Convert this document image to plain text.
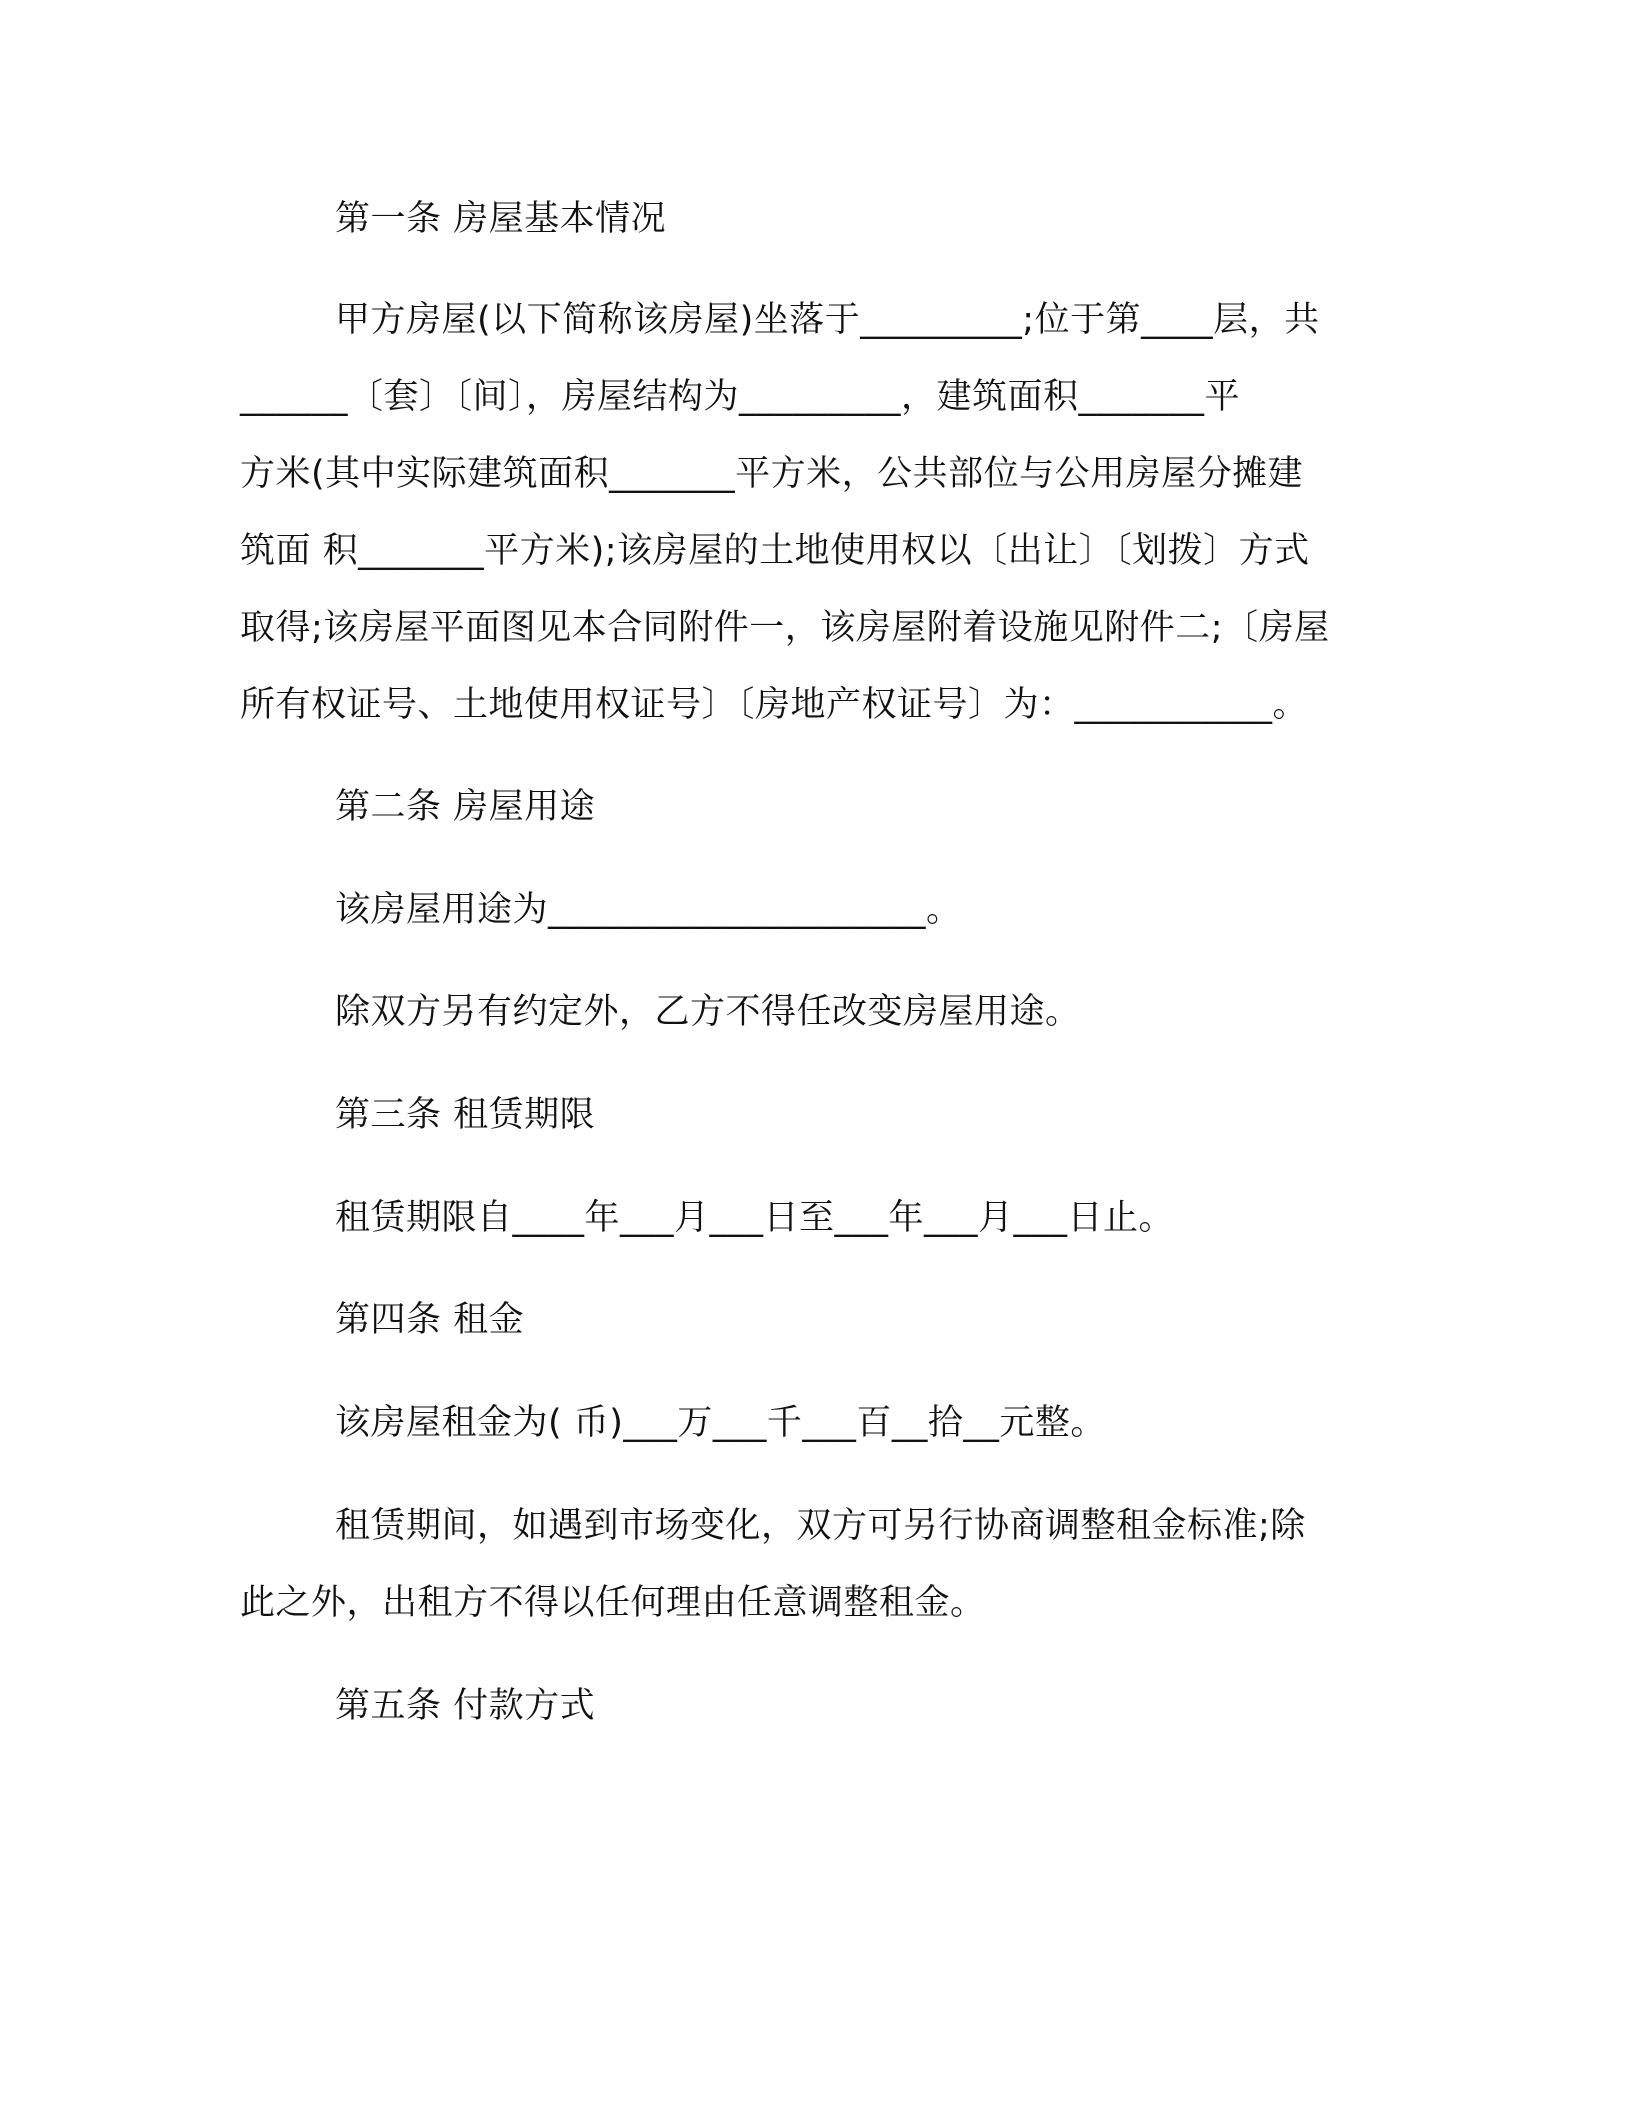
第一条 房屋基本情况

甲方房屋(以下简称该房屋)坐落于_________;位于第____层，共

______〔套〕〔间〕，房屋结构为_________，建筑面积_______平

方米(其中实际建筑面积_______平方米，公共部位与公用房屋分摊建

筑面 积_______平方米);该房屋的土地使用权以〔出让〕〔划拨〕方式

取得;该房屋平面图见本合同附件一，该房屋附着设施见附件二;〔房屋

所有权证号、土地使用权证号〕〔房地产权证号〕为：___________。

第二条 房屋用途

该房屋用途为_____________________。

除双方另有约定外，乙方不得任改变房屋用途。

第三条 租赁期限

租赁期限自____年___月___日至___年___月___日止。

第四条 租金

该房屋租金为( 币)___万___千___百__拾__元整。

租赁期间，如遇到市场变化，双方可另行协商调整租金标准;除

此之外，出租方不得以任何理由任意调整租金。

第五条 付款方式
